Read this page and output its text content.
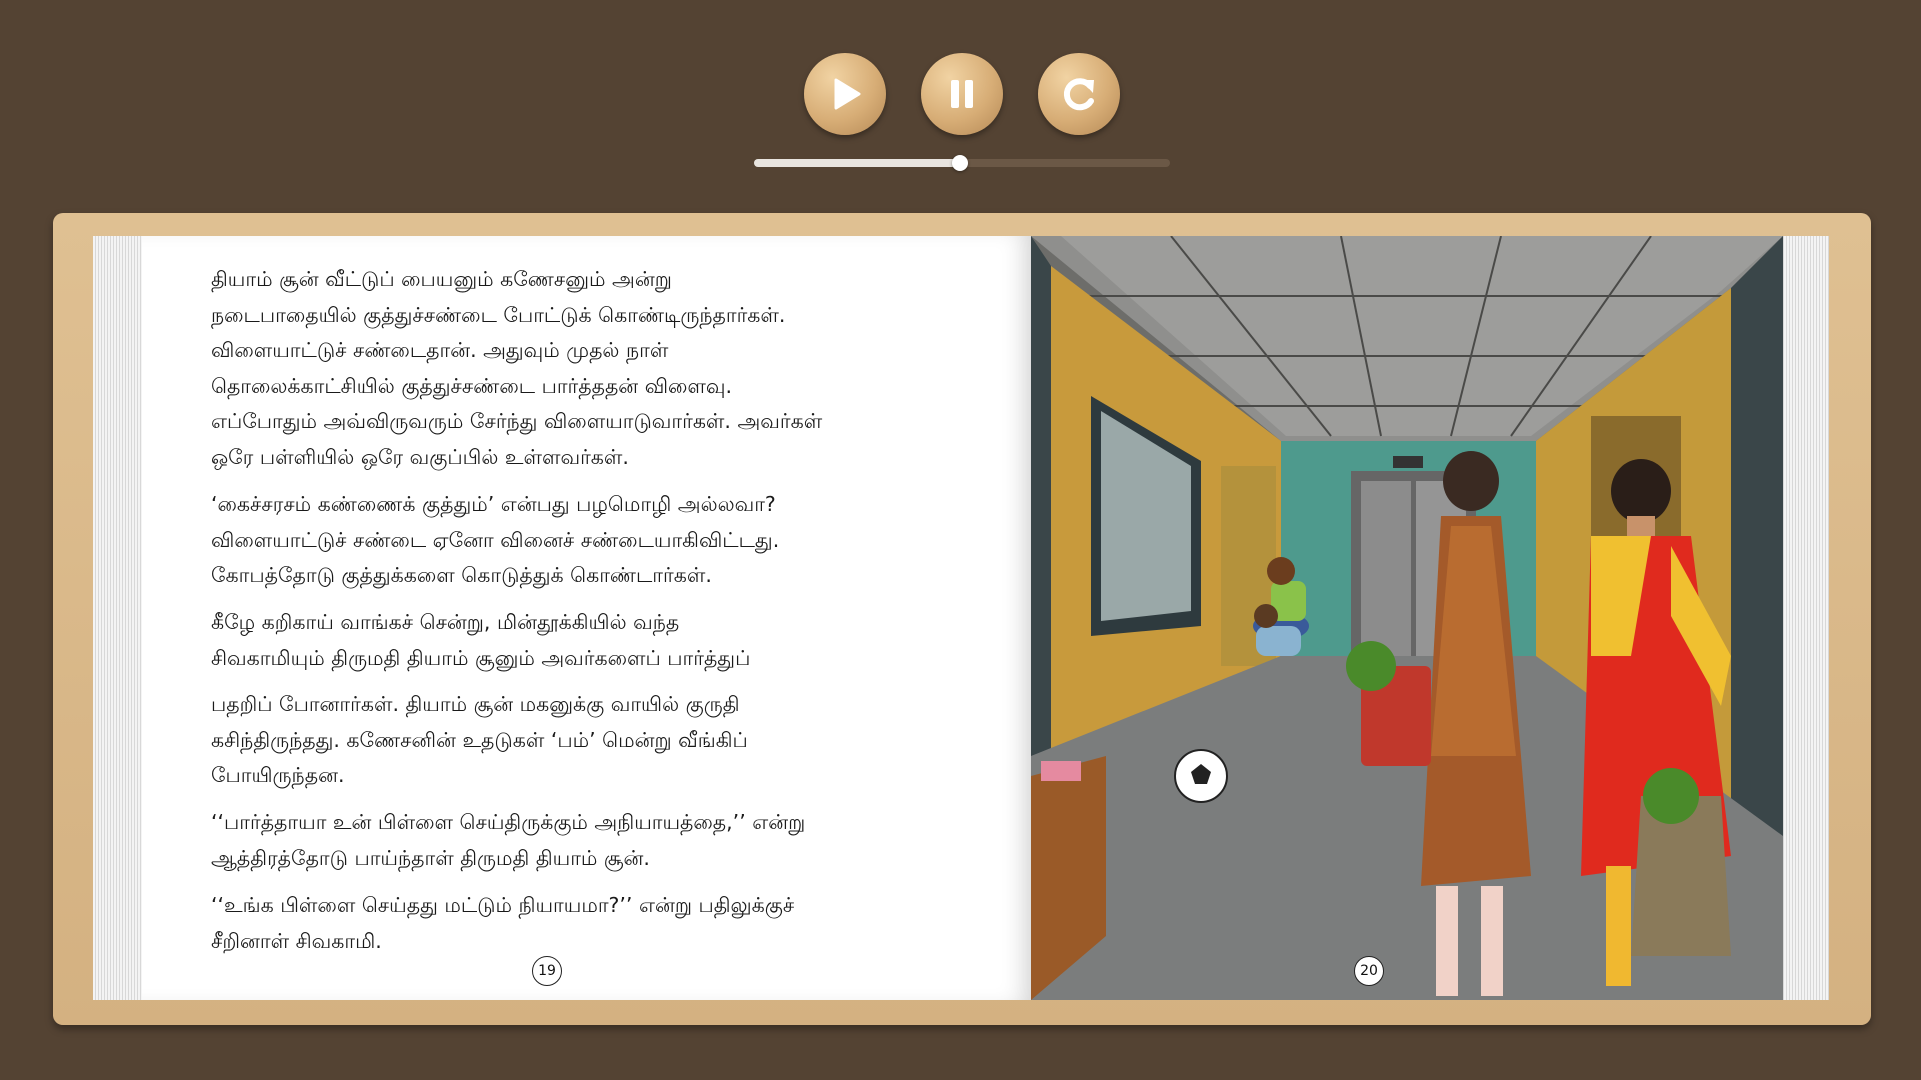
தியாம் சூன் வீட்டுப் பையனும் கணேசனும் அன்று

நடைபாதையில் குத்துச்சண்டை போட்டுக் கொண்டிருந்தார்கள்.

விளையாட்டுச் சண்டைதான். அதுவும் முதல் நாள்

தொலைக்காட்சியில் குத்துச்சண்டை பார்த்ததன் விளைவு.

எப்போதும் அவ்விருவரும் சேர்ந்து விளையாடுவார்கள். அவர்கள்

ஒரே பள்ளியில் ஒரே வகுப்பில் உள்ளவர்கள்.

‘கைச்சரசம் கண்ணைக் குத்தும்’ என்பது பழமொழி அல்லவா?

விளையாட்டுச் சண்டை ஏனோ வினைச் சண்டையாகிவிட்டது.

கோபத்தோடு குத்துக்களை கொடுத்துக் கொண்டார்கள்.

கீழே கறிகாய் வாங்கச் சென்று, மின்தூக்கியில் வந்த

சிவகாமியும் திருமதி தியாம் சூனும் அவர்களைப் பார்த்துப்

பதறிப் போனார்கள். தியாம் சூன் மகனுக்கு வாயில் குருதி

கசிந்திருந்தது. கணேசனின் உதடுகள் ‘பம்’ மென்று வீங்கிப்

போயிருந்தன.

‘‘பார்த்தாயா உன் பிள்ளை செய்திருக்கும் அநியாயத்தை,’’ என்று

ஆத்திரத்தோடு பாய்ந்தாள் திருமதி தியாம் சூன்.

‘‘உங்க பிள்ளை செய்தது மட்டும் நியாயமா?’’ என்று பதிலுக்குச்

சீறினாள் சிவகாமி.

19	20
